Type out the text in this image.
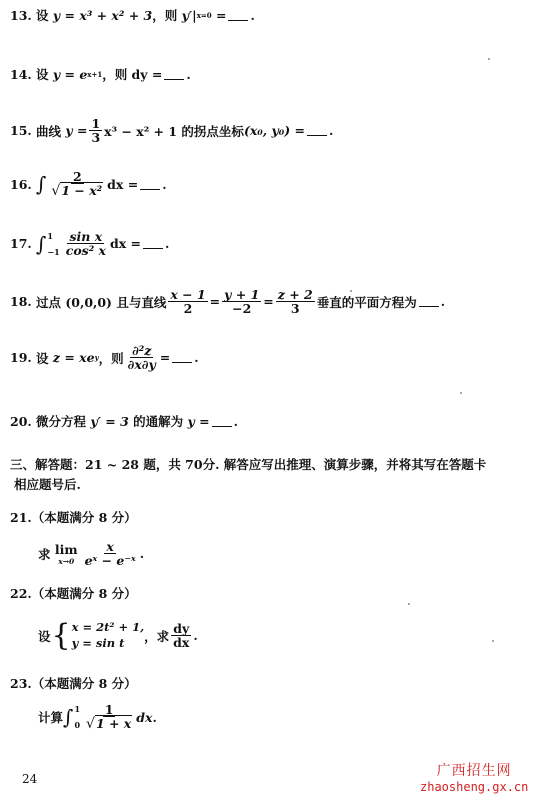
13. 设
y = x³ + x² + 3 ，则
y′| x=0
= .
14. 设
y = e x+1 ，则 dy = .
15. 曲线
$y = \frac{1}{3} x^3 - x^2 + 1$ 的拐点坐标 (x₀, y₀) = .
16. ∫ $\frac{2}{\text{√1 − x²}}$ dx = .
17. ∫ 1
$-1 \frac{\text{sin x}}{\text{cos² x}}$ dx = .
18. 过点 (0,0,0) 且与直线 $\frac{x - 1}{2} = \frac{y + 1}{-2} = \frac{z + 2}{3}$ 垂直的平面方程为 .
19. 设
z = xe y ，则 $\frac{\text{∂²z}}{\partial x\partial y}$ = .
20. 微分方程
y′ = 3
的通解为
y = .
三、解答题：21 ~ 28 题，共 70分. 解答应写出推理、演算步骤，并将其写在答题卡
相应题号后.
21.（本题满分 8 分）
求
lim
$x\to 0 \frac{x}{\text{eˣ − e⁻ˣ}}$ .
22.（本题满分 8 分）
设 { x = 2t² + 1,
y = sin t	，求 $\frac{dy}{dx}$ .
23.（本题满分 8 分）
计算 ∫ 1
$0 \frac{1}{√1 + x}$ dx .
24	广西招生网
zhaosheng.gx.cn
